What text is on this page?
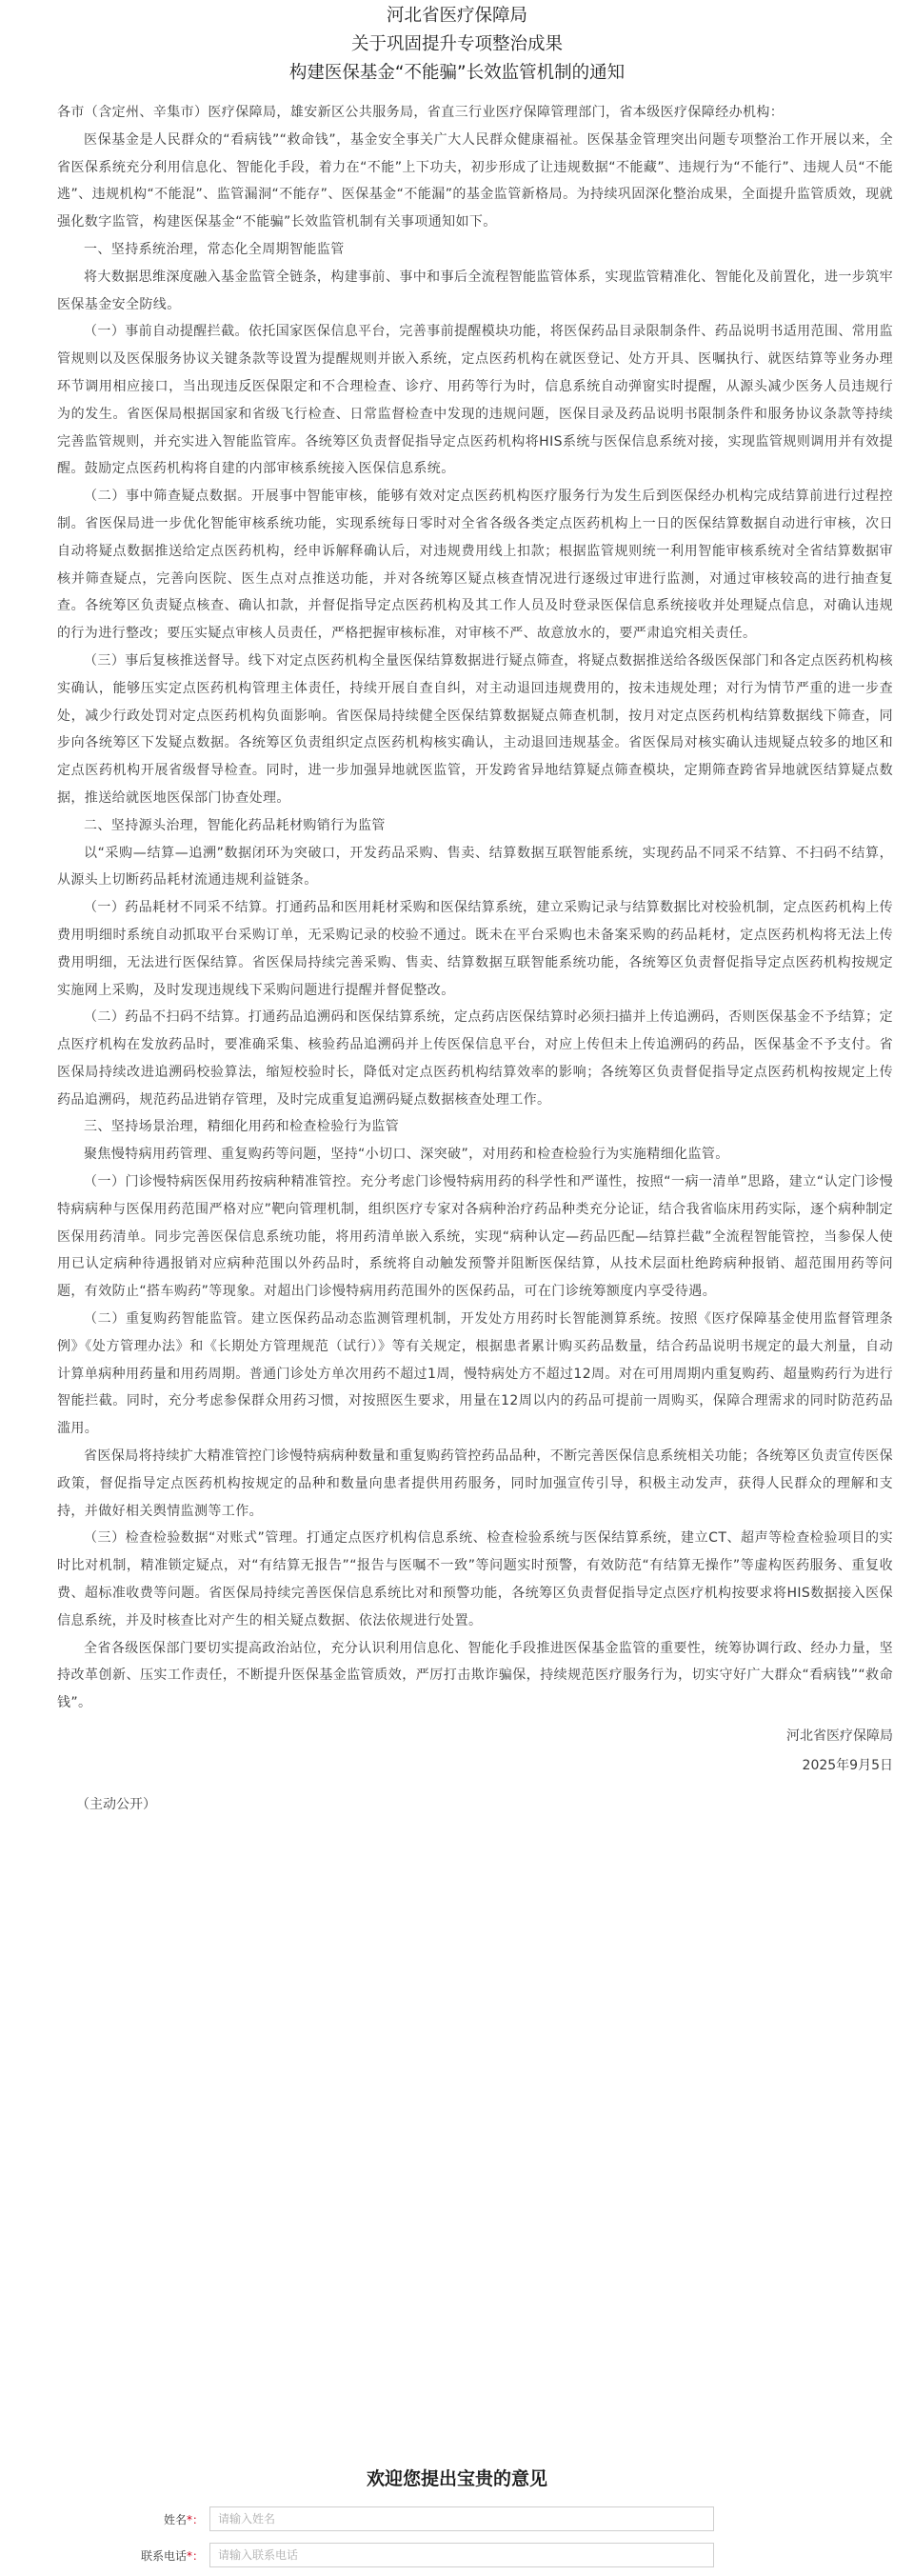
河北省医疗保障局

关于巩固提升专项整治成果

构建医保基金“不能骗”长效监管机制的通知

各市（含定州、辛集市）医疗保障局，雄安新区公共服务局，省直三行业医疗保障管理部门，省本级医疗保障经办机构：

医保基金是人民群众的“看病钱”“救命钱”，基金安全事关广大人民群众健康福祉。医保基金管理突出问题专项整治工作开展以来，全省医保系统充分利用信息化、智能化手段，着力在“不能”上下功夫，初步形成了让违规数据“不能藏”、违规行为“不能行”、违规人员“不能逃”、违规机构“不能混”、监管漏洞“不能存”、医保基金“不能漏”的基金监管新格局。为持续巩固深化整治成果，全面提升监管质效，现就强化数字监管，构建医保基金“不能骗”长效监管机制有关事项通知如下。

一、坚持系统治理，常态化全周期智能监管

将大数据思维深度融入基金监管全链条，构建事前、事中和事后全流程智能监管体系，实现监管精准化、智能化及前置化，进一步筑牢医保基金安全防线。

（一）事前自动提醒拦截。依托国家医保信息平台，完善事前提醒模块功能，将医保药品目录限制条件、药品说明书适用范围、常用监管规则以及医保服务协议关键条款等设置为提醒规则并嵌入系统，定点医药机构在就医登记、处方开具、医嘱执行、就医结算等业务办理环节调用相应接口，当出现违反医保限定和不合理检查、诊疗、用药等行为时，信息系统自动弹窗实时提醒，从源头减少医务人员违规行为的发生。省医保局根据国家和省级飞行检查、日常监督检查中发现的违规问题，医保目录及药品说明书限制条件和服务协议条款等持续完善监管规则，并充实进入智能监管库。各统筹区负责督促指导定点医药机构将HIS系统与医保信息系统对接，实现监管规则调用并有效提醒。鼓励定点医药机构将自建的内部审核系统接入医保信息系统。

（二）事中筛查疑点数据。开展事中智能审核，能够有效对定点医药机构医疗服务行为发生后到医保经办机构完成结算前进行过程控制。省医保局进一步优化智能审核系统功能，实现系统每日零时对全省各级各类定点医药机构上一日的医保结算数据自动进行审核，次日自动将疑点数据推送给定点医药机构，经申诉解释确认后，对违规费用线上扣款；根据监管规则统一利用智能审核系统对全省结算数据审核并筛查疑点，完善向医院、医生点对点推送功能，并对各统筹区疑点核查情况进行逐级过审进行监测，对通过审核较高的进行抽查复查。各统筹区负责疑点核查、确认扣款，并督促指导定点医药机构及其工作人员及时登录医保信息系统接收并处理疑点信息，对确认违规的行为进行整改；要压实疑点审核人员责任，严格把握审核标准，对审核不严、故意放水的，要严肃追究相关责任。

（三）事后复核推送督导。线下对定点医药机构全量医保结算数据进行疑点筛查，将疑点数据推送给各级医保部门和各定点医药机构核实确认，能够压实定点医药机构管理主体责任，持续开展自查自纠，对主动退回违规费用的，按未违规处理；对行为情节严重的进一步查处，减少行政处罚对定点医药机构负面影响。省医保局持续健全医保结算数据疑点筛查机制，按月对定点医药机构结算数据线下筛查，同步向各统筹区下发疑点数据。各统筹区负责组织定点医药机构核实确认，主动退回违规基金。省医保局对核实确认违规疑点较多的地区和定点医药机构开展省级督导检查。同时，进一步加强异地就医监管，开发跨省异地结算疑点筛查模块，定期筛查跨省异地就医结算疑点数据，推送给就医地医保部门协查处理。

二、坚持源头治理，智能化药品耗材购销行为监管

以“采购—结算—追溯”数据闭环为突破口，开发药品采购、售卖、结算数据互联智能系统，实现药品不同采不结算、不扫码不结算，从源头上切断药品耗材流通违规利益链条。

（一）药品耗材不同采不结算。打通药品和医用耗材采购和医保结算系统，建立采购记录与结算数据比对校验机制，定点医药机构上传费用明细时系统自动抓取平台采购订单，无采购记录的校验不通过。既未在平台采购也未备案采购的药品耗材，定点医药机构将无法上传费用明细，无法进行医保结算。省医保局持续完善采购、售卖、结算数据互联智能系统功能，各统筹区负责督促指导定点医药机构按规定实施网上采购，及时发现违规线下采购问题进行提醒并督促整改。

（二）药品不扫码不结算。打通药品追溯码和医保结算系统，定点药店医保结算时必须扫描并上传追溯码，否则医保基金不予结算；定点医疗机构在发放药品时，要准确采集、核验药品追溯码并上传医保信息平台，对应上传但未上传追溯码的药品，医保基金不予支付。省医保局持续改进追溯码校验算法，缩短校验时长，降低对定点医药机构结算效率的影响；各统筹区负责督促指导定点医药机构按规定上传药品追溯码，规范药品进销存管理，及时完成重复追溯码疑点数据核查处理工作。

三、坚持场景治理，精细化用药和检查检验行为监管

聚焦慢特病用药管理、重复购药等问题，坚持“小切口、深突破”，对用药和检查检验行为实施精细化监管。

（一）门诊慢特病医保用药按病种精准管控。充分考虑门诊慢特病用药的科学性和严谨性，按照“一病一清单”思路，建立“认定门诊慢特病病种与医保用药范围严格对应”靶向管理机制，组织医疗专家对各病种治疗药品种类充分论证，结合我省临床用药实际，逐个病种制定医保用药清单。同步完善医保信息系统功能，将用药清单嵌入系统，实现“病种认定—药品匹配—结算拦截”全流程智能管控，当参保人使用已认定病种待遇报销对应病种范围以外药品时，系统将自动触发预警并阻断医保结算，从技术层面杜绝跨病种报销、超范围用药等问题，有效防止“搭车购药”等现象。对超出门诊慢特病用药范围外的医保药品，可在门诊统筹额度内享受待遇。

（二）重复购药智能监管。建立医保药品动态监测管理机制，开发处方用药时长智能测算系统。按照《医疗保障基金使用监督管理条例》《处方管理办法》和《长期处方管理规范（试行）》等有关规定，根据患者累计购买药品数量，结合药品说明书规定的最大剂量，自动计算单病种用药量和用药周期。普通门诊处方单次用药不超过1周，慢特病处方不超过12周。对在可用周期内重复购药、超量购药行为进行智能拦截。同时，充分考虑参保群众用药习惯，对按照医生要求，用量在12周以内的药品可提前一周购买，保障合理需求的同时防范药品滥用。

省医保局将持续扩大精准管控门诊慢特病病种数量和重复购药管控药品品种，不断完善医保信息系统相关功能；各统筹区负责宣传医保政策，督促指导定点医药机构按规定的品种和数量向患者提供用药服务，同时加强宣传引导，积极主动发声，获得人民群众的理解和支持，并做好相关舆情监测等工作。

（三）检查检验数据“对账式”管理。打通定点医疗机构信息系统、检查检验系统与医保结算系统，建立CT、超声等检查检验项目的实时比对机制，精准锁定疑点，对“有结算无报告”“报告与医嘱不一致”等问题实时预警，有效防范“有结算无操作”等虚构医药服务、重复收费、超标准收费等问题。省医保局持续完善医保信息系统比对和预警功能，各统筹区负责督促指导定点医疗机构按要求将HIS数据接入医保信息系统，并及时核查比对产生的相关疑点数据、依法依规进行处置。

全省各级医保部门要切实提高政治站位，充分认识利用信息化、智能化手段推进医保基金监管的重要性，统筹协调行政、经办力量，坚持改革创新、压实工作责任，不断提升医保基金监管质效，严厉打击欺诈骗保，持续规范医疗服务行为，切实守好广大群众“看病钱”“救命钱”。

河北省医疗保障局
2025年9月5日
（主动公开）

欢迎您提出宝贵的意见

姓名*：
请输入姓名
联系电话*：
请输入联系电话
